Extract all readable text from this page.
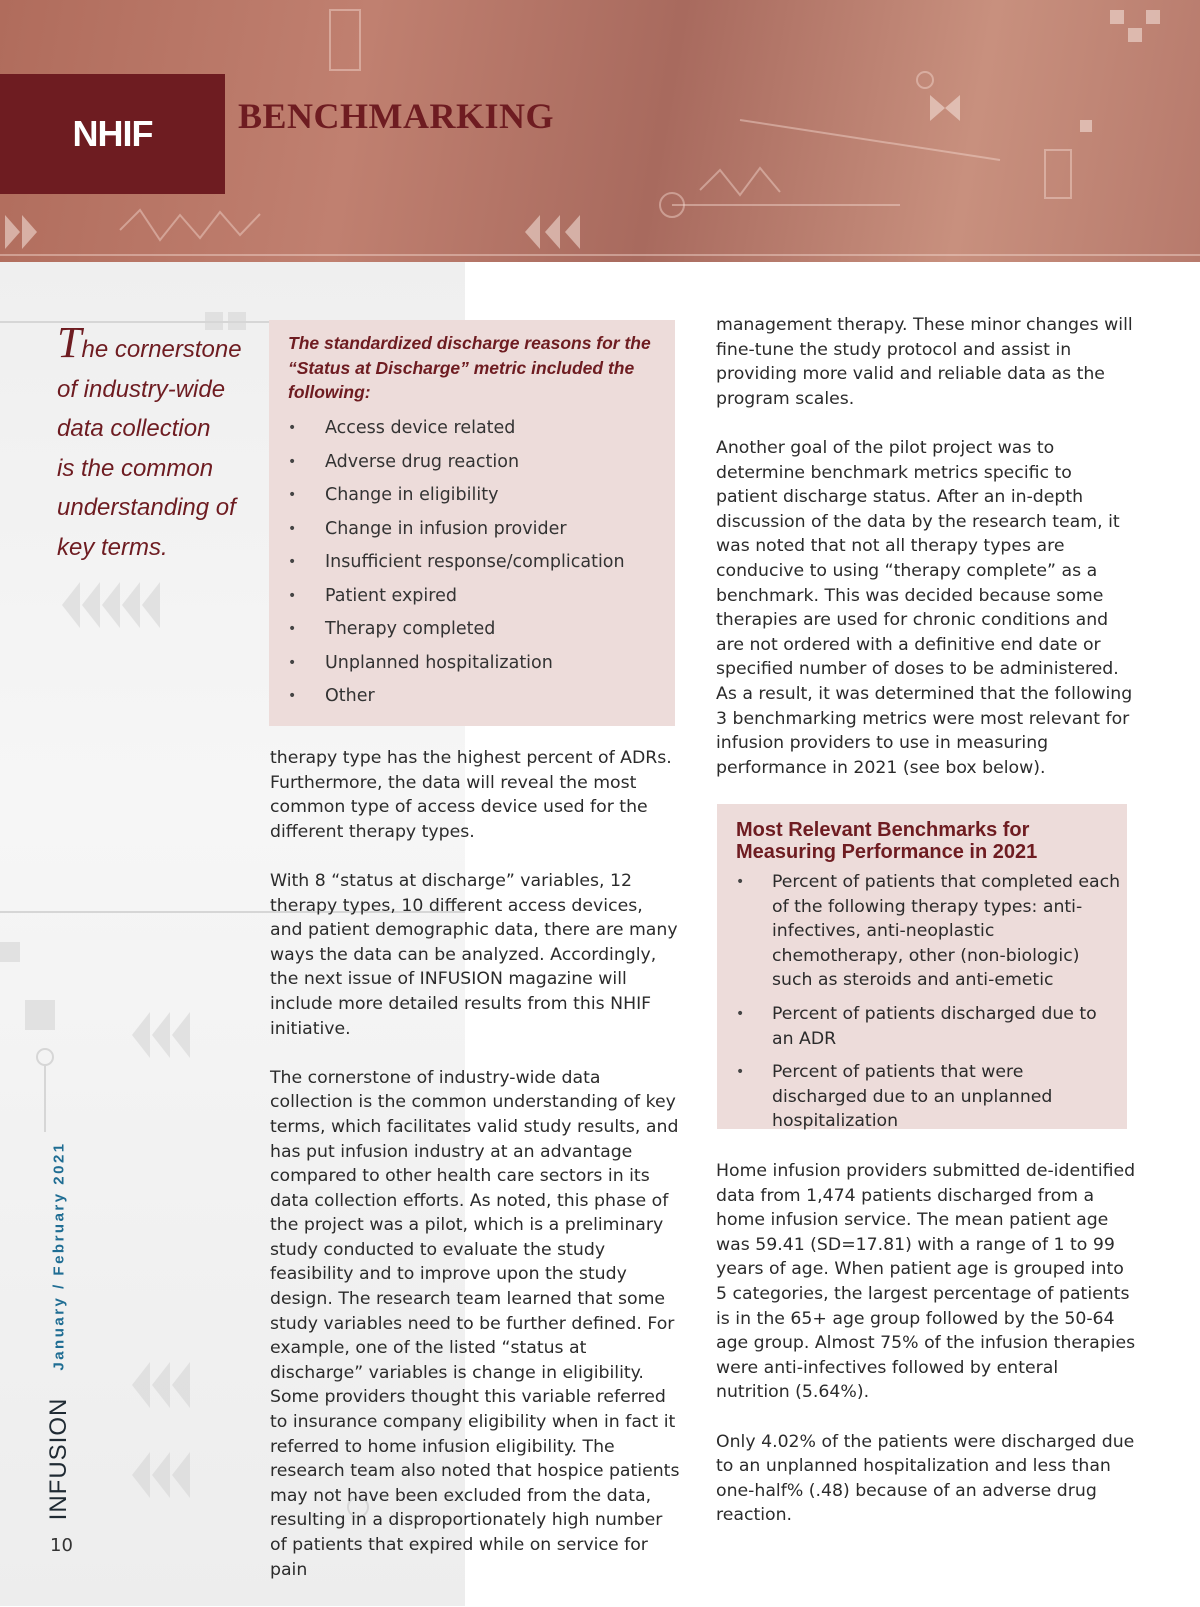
NHIF BENCHMARKING
The cornerstone
of industry-wide
data collection
is the common
understanding of
key terms.
The standardized discharge reasons for the “Status at Discharge” metric included the following:
• Access device related
• Adverse drug reaction
• Change in eligibility
• Change in infusion provider
• Insufficient response/complication
• Patient expired
• Therapy completed
• Unplanned hospitalization
• Other

therapy type has the highest percent of ADRs. Furthermore, the data will reveal the most common type of access device used for the different therapy types.

With 8 “status at discharge” variables, 12 therapy types, 10 different access devices, and patient demographic data, there are many ways the data can be analyzed. Accordingly, the next issue of INFUSION magazine will include more detailed results from this NHIF initiative.

The cornerstone of industry-wide data collection is the common understanding of key terms, which facilitates valid study results, and has put infusion industry at an advantage compared to other health care sectors in its data collection efforts. As noted, this phase of the project was a pilot, which is a preliminary study conducted to evaluate the study feasibility and to improve upon the study design. The research team learned that some study variables need to be further defined. For example, one of the listed “status at discharge” variables is change in eligibility. Some providers thought this variable referred to insurance company eligibility when in fact it referred to home infusion eligibility. The research team also noted that hospice patients may not have been excluded from the data, resulting in a disproportionately high number of patients that expired while on service for pain

management therapy. These minor changes will fine-tune the study protocol and assist in providing more valid and reliable data as the program scales.

Another goal of the pilot project was to determine benchmark metrics specific to patient discharge status. After an in-depth discussion of the data by the research team, it was noted that not all therapy types are conducive to using “therapy complete” as a benchmark. This was decided because some therapies are used for chronic conditions and are not ordered with a definitive end date or specified number of doses to be administered. As a result, it was determined that the following 3 benchmarking metrics were most relevant for infusion providers to use in measuring performance in 2021 (see box below).

Most Relevant Benchmarks for Measuring Performance in 2021
• Percent of patients that completed each of the following therapy types: anti-infectives, anti-neoplastic chemotherapy, other (non-biologic) such as steroids and anti-emetic
• Percent of patients discharged due to an ADR
• Percent of patients that were discharged due to an unplanned hospitalization

Home infusion providers submitted de-identified data from 1,474 patients discharged from a home infusion service. The mean patient age was 59.41 (SD=17.81) with a range of 1 to 99 years of age. When patient age is grouped into 5 categories, the largest percentage of patients is in the 65+ age group followed by the 50-64 age group. Almost 75% of the infusion therapies were anti-infectives followed by enteral nutrition (5.64%).

Only 4.02% of the patients were discharged due to an unplanned hospitalization and less than one-half% (.48) because of an adverse drug reaction.

January / February 2021
INFUSION
10
